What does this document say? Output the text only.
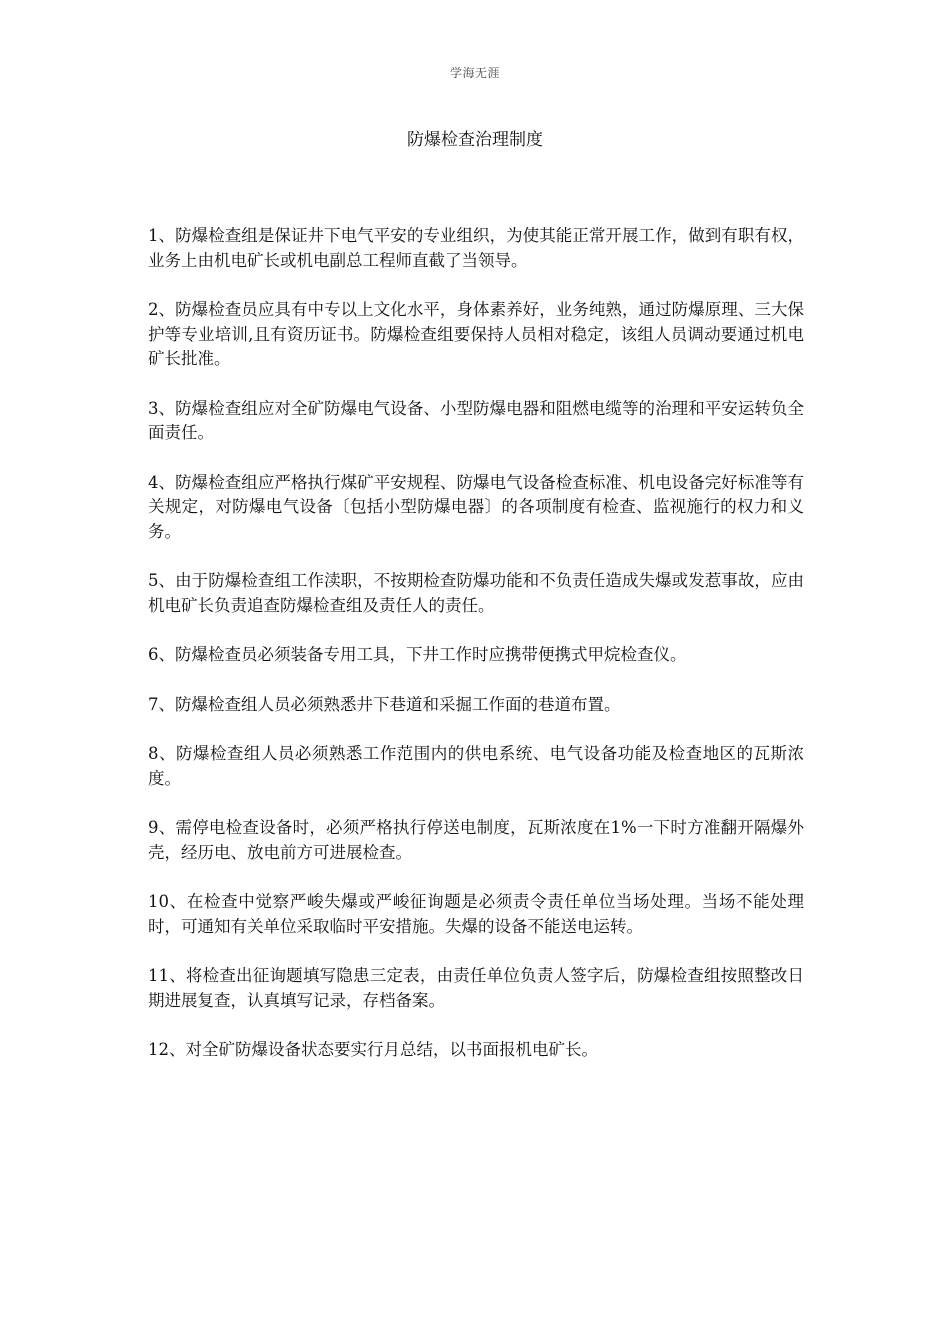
学海无涯
防爆检查治理制度

1、防爆检查组是保证井下电气平安的专业组织，为使其能正常开展工作，做到有职有权，业务上由机电矿长或机电副总工程师直截了当领导。

2、防爆检查员应具有中专以上文化水平，身体素养好，业务纯熟，通过防爆原理、三大保护等专业培训,且有资历证书。防爆检查组要保持人员相对稳定，该组人员调动要通过机电矿长批准。

3、防爆检查组应对全矿防爆电气设备、小型防爆电器和阻燃电缆等的治理和平安运转负全面责任。

4、防爆检查组应严格执行煤矿平安规程、防爆电气设备检查标准、机电设备完好标准等有关规定，对防爆电气设备〔包括小型防爆电器〕的各项制度有检查、监视施行的权力和义务。

5、由于防爆检查组工作渎职，不按期检查防爆功能和不负责任造成失爆或发惹事故，应由机电矿长负责追查防爆检查组及责任人的责任。

6、防爆检查员必须装备专用工具，下井工作时应携带便携式甲烷检查仪。

7、防爆检查组人员必须熟悉井下巷道和采掘工作面的巷道布置。

8、防爆检查组人员必须熟悉工作范围内的供电系统、电气设备功能及检查地区的瓦斯浓度。

9、需停电检查设备时，必须严格执行停送电制度，瓦斯浓度在1%一下时方准翻开隔爆外壳，经历电、放电前方可进展检查。

10、在检查中觉察严峻失爆或严峻征询题是必须责令责任单位当场处理。当场不能处理时，可通知有关单位采取临时平安措施。失爆的设备不能送电运转。

11、将检查出征询题填写隐患三定表，由责任单位负责人签字后，防爆检查组按照整改日期进展复查，认真填写记录，存档备案。

12、对全矿防爆设备状态要实行月总结，以书面报机电矿长。
